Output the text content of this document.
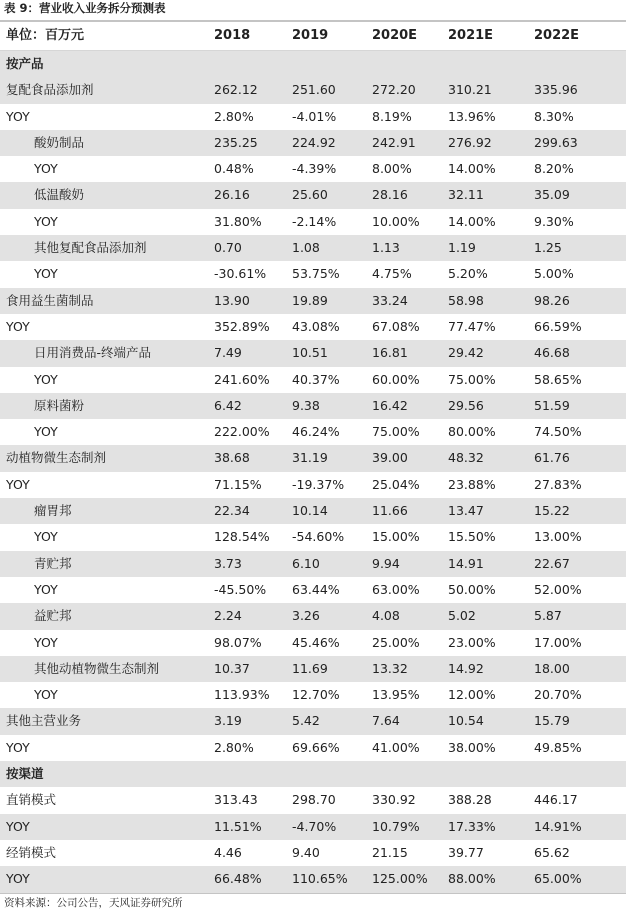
表 9：营业收入业务拆分预测表
单位：百万元	2018	2019	2020E 2021E	2022E
按产品
复配食品添加剂	262.12	251.60	272.20	310.21	335.96
YOY	2.80%	-4.01%	8.19%	13.96%	8.30%
酸奶制品	235.25	224.92	242.91	276.92	299.63
YOY	0.48%	-4.39%	8.00%	14.00%	8.20%
低温酸奶	26.16	25.60	28.16	32.11	35.09
YOY	31.80% -2.14%	10.00% 14.00%	9.30%
其他复配食品添加剂	0.70	1.08	1.13	1.19	1.25
YOY	-30.61% 53.75%	4.75%	5.20%	5.00%
食用益生菌制品	13.90	19.89	33.24	58.98	98.26
YOY	352.89% 43.08%	67.08% 77.47%	66.59%
日用消费品-终端产品	7.49	10.51	16.81	29.42	46.68
YOY	241.60% 40.37%	60.00% 75.00%	58.65%
原料菌粉	6.42	9.38	16.42	29.56	51.59
YOY	222.00% 46.24%	75.00% 80.00%	74.50%
动植物微生态制剂	38.68	31.19	39.00	48.32	61.76
YOY	71.15% -19.37% 25.04% 23.88%	27.83%
瘤胃邦	22.34	10.14	11.66	13.47	15.22
YOY	128.54% -54.60% 15.00% 15.50%	13.00%
青贮邦	3.73	6.10	9.94	14.91	22.67
YOY	-45.50% 63.44%	63.00% 50.00%	52.00%
益贮邦	2.24	3.26	4.08	5.02	5.87
YOY	98.07% 45.46%	25.00% 23.00%	17.00%
其他动植物微生态制剂	10.37	11.69	13.32	14.92	18.00
YOY	113.93% 12.70%	13.95% 12.00%	20.70%
其他主营业务	3.19	5.42	7.64	10.54	15.79
YOY	2.80%	69.66%	41.00% 38.00%	49.85%
按渠道
直销模式	313.43	298.70	330.92	388.28	446.17
YOY	11.51% -4.70%	10.79% 17.33%	14.91%
经销模式	4.46	9.40	21.15	39.77	65.62
YOY	66.48% 110.65% 125.00% 88.00%	65.00%
资料来源：公司公告，天风证券研究所
